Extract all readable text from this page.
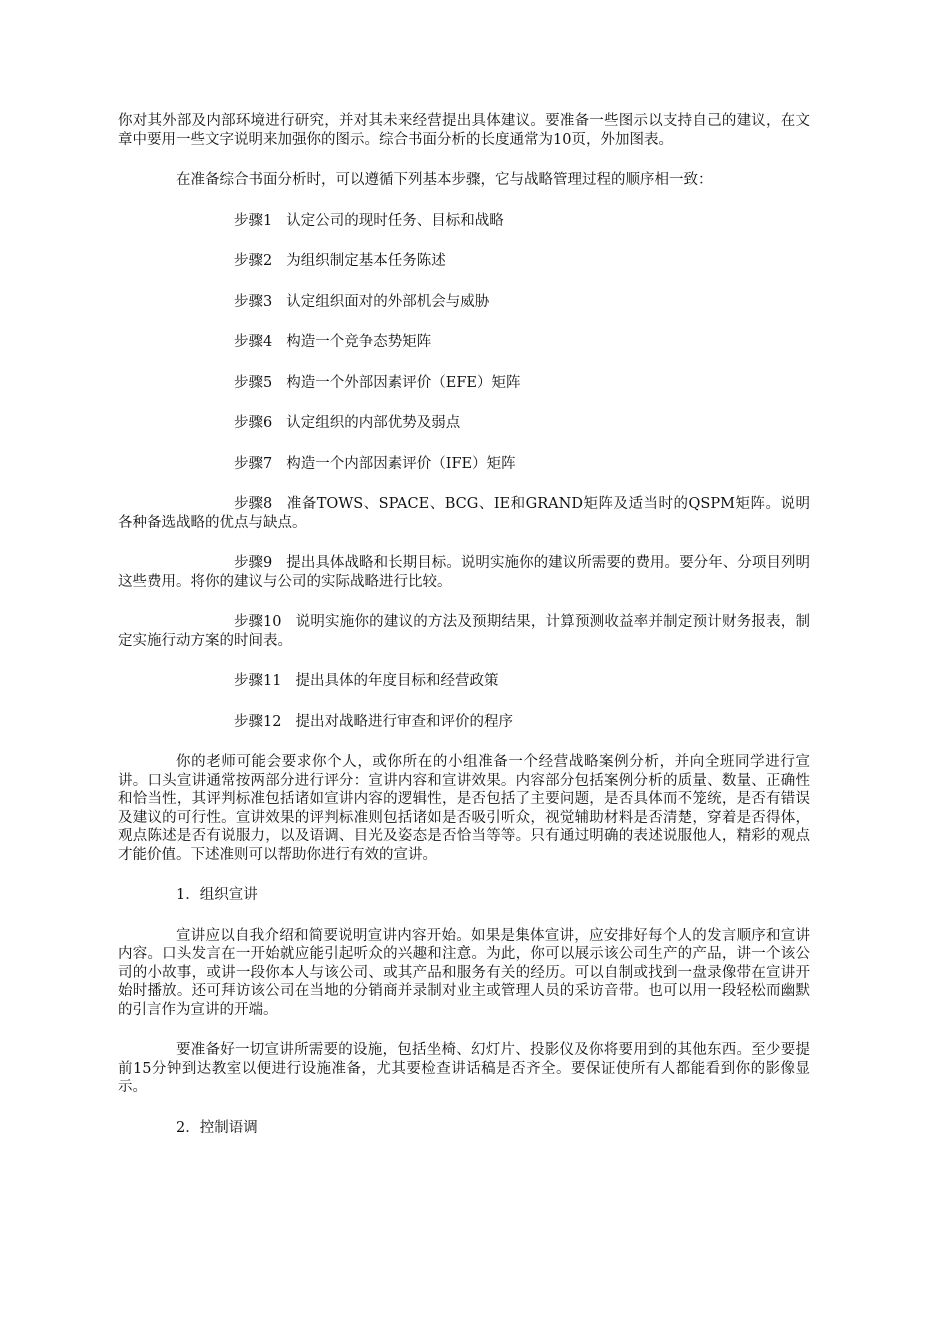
你对其外部及内部环境进行研究，并对其未来经营提出具体建议。要准备一些图示以支持自己的建议，在文章中要用一些文字说明来加强你的图示。综合书面分析的长度通常为10页，外加图表。

在准备综合书面分析时，可以遵循下列基本步骤，它与战略管理过程的顺序相一致：

步骤1 认定公司的现时任务、目标和战略

步骤2 为组织制定基本任务陈述

步骤3 认定组织面对的外部机会与威胁

步骤4 构造一个竞争态势矩阵

步骤5 构造一个外部因素评价（EFE）矩阵

步骤6 认定组织的内部优势及弱点

步骤7 构造一个内部因素评价（IFE）矩阵

步骤8 准备TOWS、SPACE、BCG、IE和GRAND矩阵及适当时的QSPM矩阵。说明各种备选战略的优点与缺点。

步骤9 提出具体战略和长期目标。说明实施你的建议所需要的费用。要分年、分项目列明这些费用。将你的建议与公司的实际战略进行比较。

步骤10 说明实施你的建议的方法及预期结果，计算预测收益率并制定预计财务报表，制定实施行动方案的时间表。

步骤11 提出具体的年度目标和经营政策

步骤12 提出对战略进行审查和评价的程序

你的老师可能会要求你个人，或你所在的小组准备一个经营战略案例分析，并向全班同学进行宣讲。口头宣讲通常按两部分进行评分：宣讲内容和宣讲效果。内容部分包括案例分析的质量、数量、正确性和恰当性，其评判标准包括诸如宣讲内容的逻辑性，是否包括了主要问题，是否具体而不笼统，是否有错误及建议的可行性。宣讲效果的评判标准则包括诸如是否吸引听众，视觉辅助材料是否清楚，穿着是否得体，观点陈述是否有说服力，以及语调、目光及姿态是否恰当等等。只有通过明确的表述说服他人，精彩的观点才能价值。下述准则可以帮助你进行有效的宣讲。

1．组织宣讲

宣讲应以自我介绍和简要说明宣讲内容开始。如果是集体宣讲，应安排好每个人的发言顺序和宣讲内容。口头发言在一开始就应能引起听众的兴趣和注意。为此，你可以展示该公司生产的产品，讲一个该公司的小故事，或讲一段你本人与该公司、或其产品和服务有关的经历。可以自制或找到一盘录像带在宣讲开始时播放。还可拜访该公司在当地的分销商并录制对业主或管理人员的采访音带。也可以用一段轻松而幽默的引言作为宣讲的开端。

要准备好一切宣讲所需要的设施，包括坐椅、幻灯片、投影仪及你将要用到的其他东西。至少要提前15分钟到达教室以便进行设施准备，尤其要检查讲话稿是否齐全。要保证使所有人都能看到你的影像显示。

2．控制语调
